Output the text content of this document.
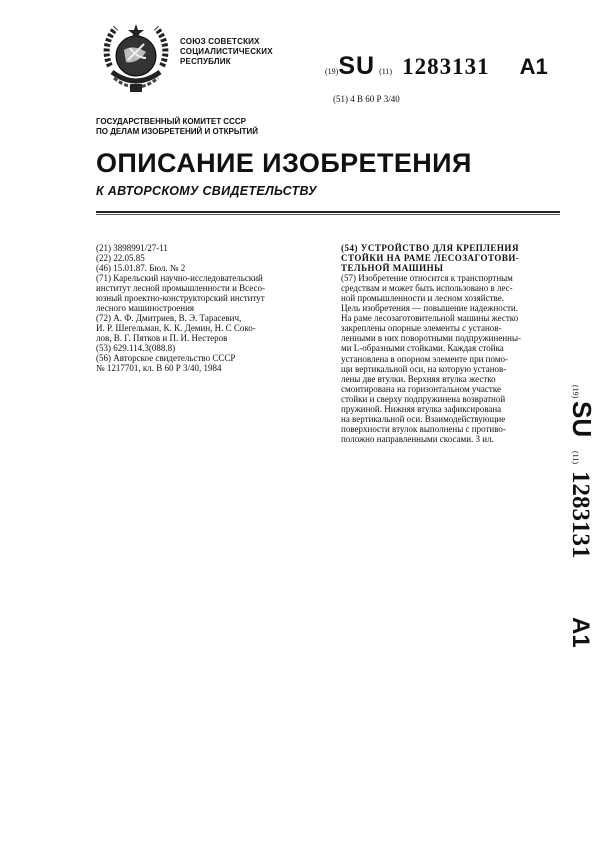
СОЮЗ СОВЕТСКИХ
СОЦИАЛИСТИЧЕСКИХ
РЕСПУБЛИК
(19)SU (11) 1283131 A1
(51) 4 В 60 Р 3/40
ГОСУДАРСТВЕННЫЙ КОМИТЕТ СССР
ПО ДЕЛАМ ИЗОБРЕТЕНИЙ И ОТКРЫТИЙ
ОПИСАНИЕ ИЗОБРЕТЕНИЯ
К АВТОРСКОМУ СВИДЕТЕЛЬСТВУ
(21) 3898991/27-11
(22) 22.05.85
(46) 15.01.87. Бюл. № 2
(71) Карельский научно-исследовательский
институт лесной промышленности и Всесо-
юзный проектно-конструкторский институт
лесного машиностроения
(72) А. Ф. Дмитриев, В. Э. Тарасевич,
И. Р. Шегельман, К. К. Демин, Н. С Соко-
лов, В. Г. Пятков и П. И. Нестеров
(53) 629.114.3(088.8)
(56) Авторское свидетельство СССР
№ 1217701, кл. В 60 Р 3/40, 1984
(54) УСТРОЙСТВО ДЛЯ КРЕПЛЕНИЯ
СТОЙКИ НА РАМЕ ЛЕСОЗАГОТОВИ-
ТЕЛЬНОЙ МАШИНЫ
(57) Изобретение относится к транспортным
средствам и может быть использовано в лес-
ной промышленности и лесном хозяйстве.
Цель изобретения — повышение надежности.
На раме лесозаготовительной машины жестко
закреплены опорные элементы с установ-
ленными в них поворотными подпружиненны-
ми L-образными стойками. Каждая стойка
установлена в опорном элементе при помо-
щи вертикальной оси, на которую установ-
лены две втулки. Верхняя втулка жестко
смонтирована на горизонтальном участке
стойки и сверху подпружинена возвратной
пружиной. Нижняя втулка зафиксирована
на вертикальной оси. Взаимодействующие
поверхности втулок выполнены с противо-
положно направленными скосами. 3 ил.
(19)
SU
(11)
1283131
A1
